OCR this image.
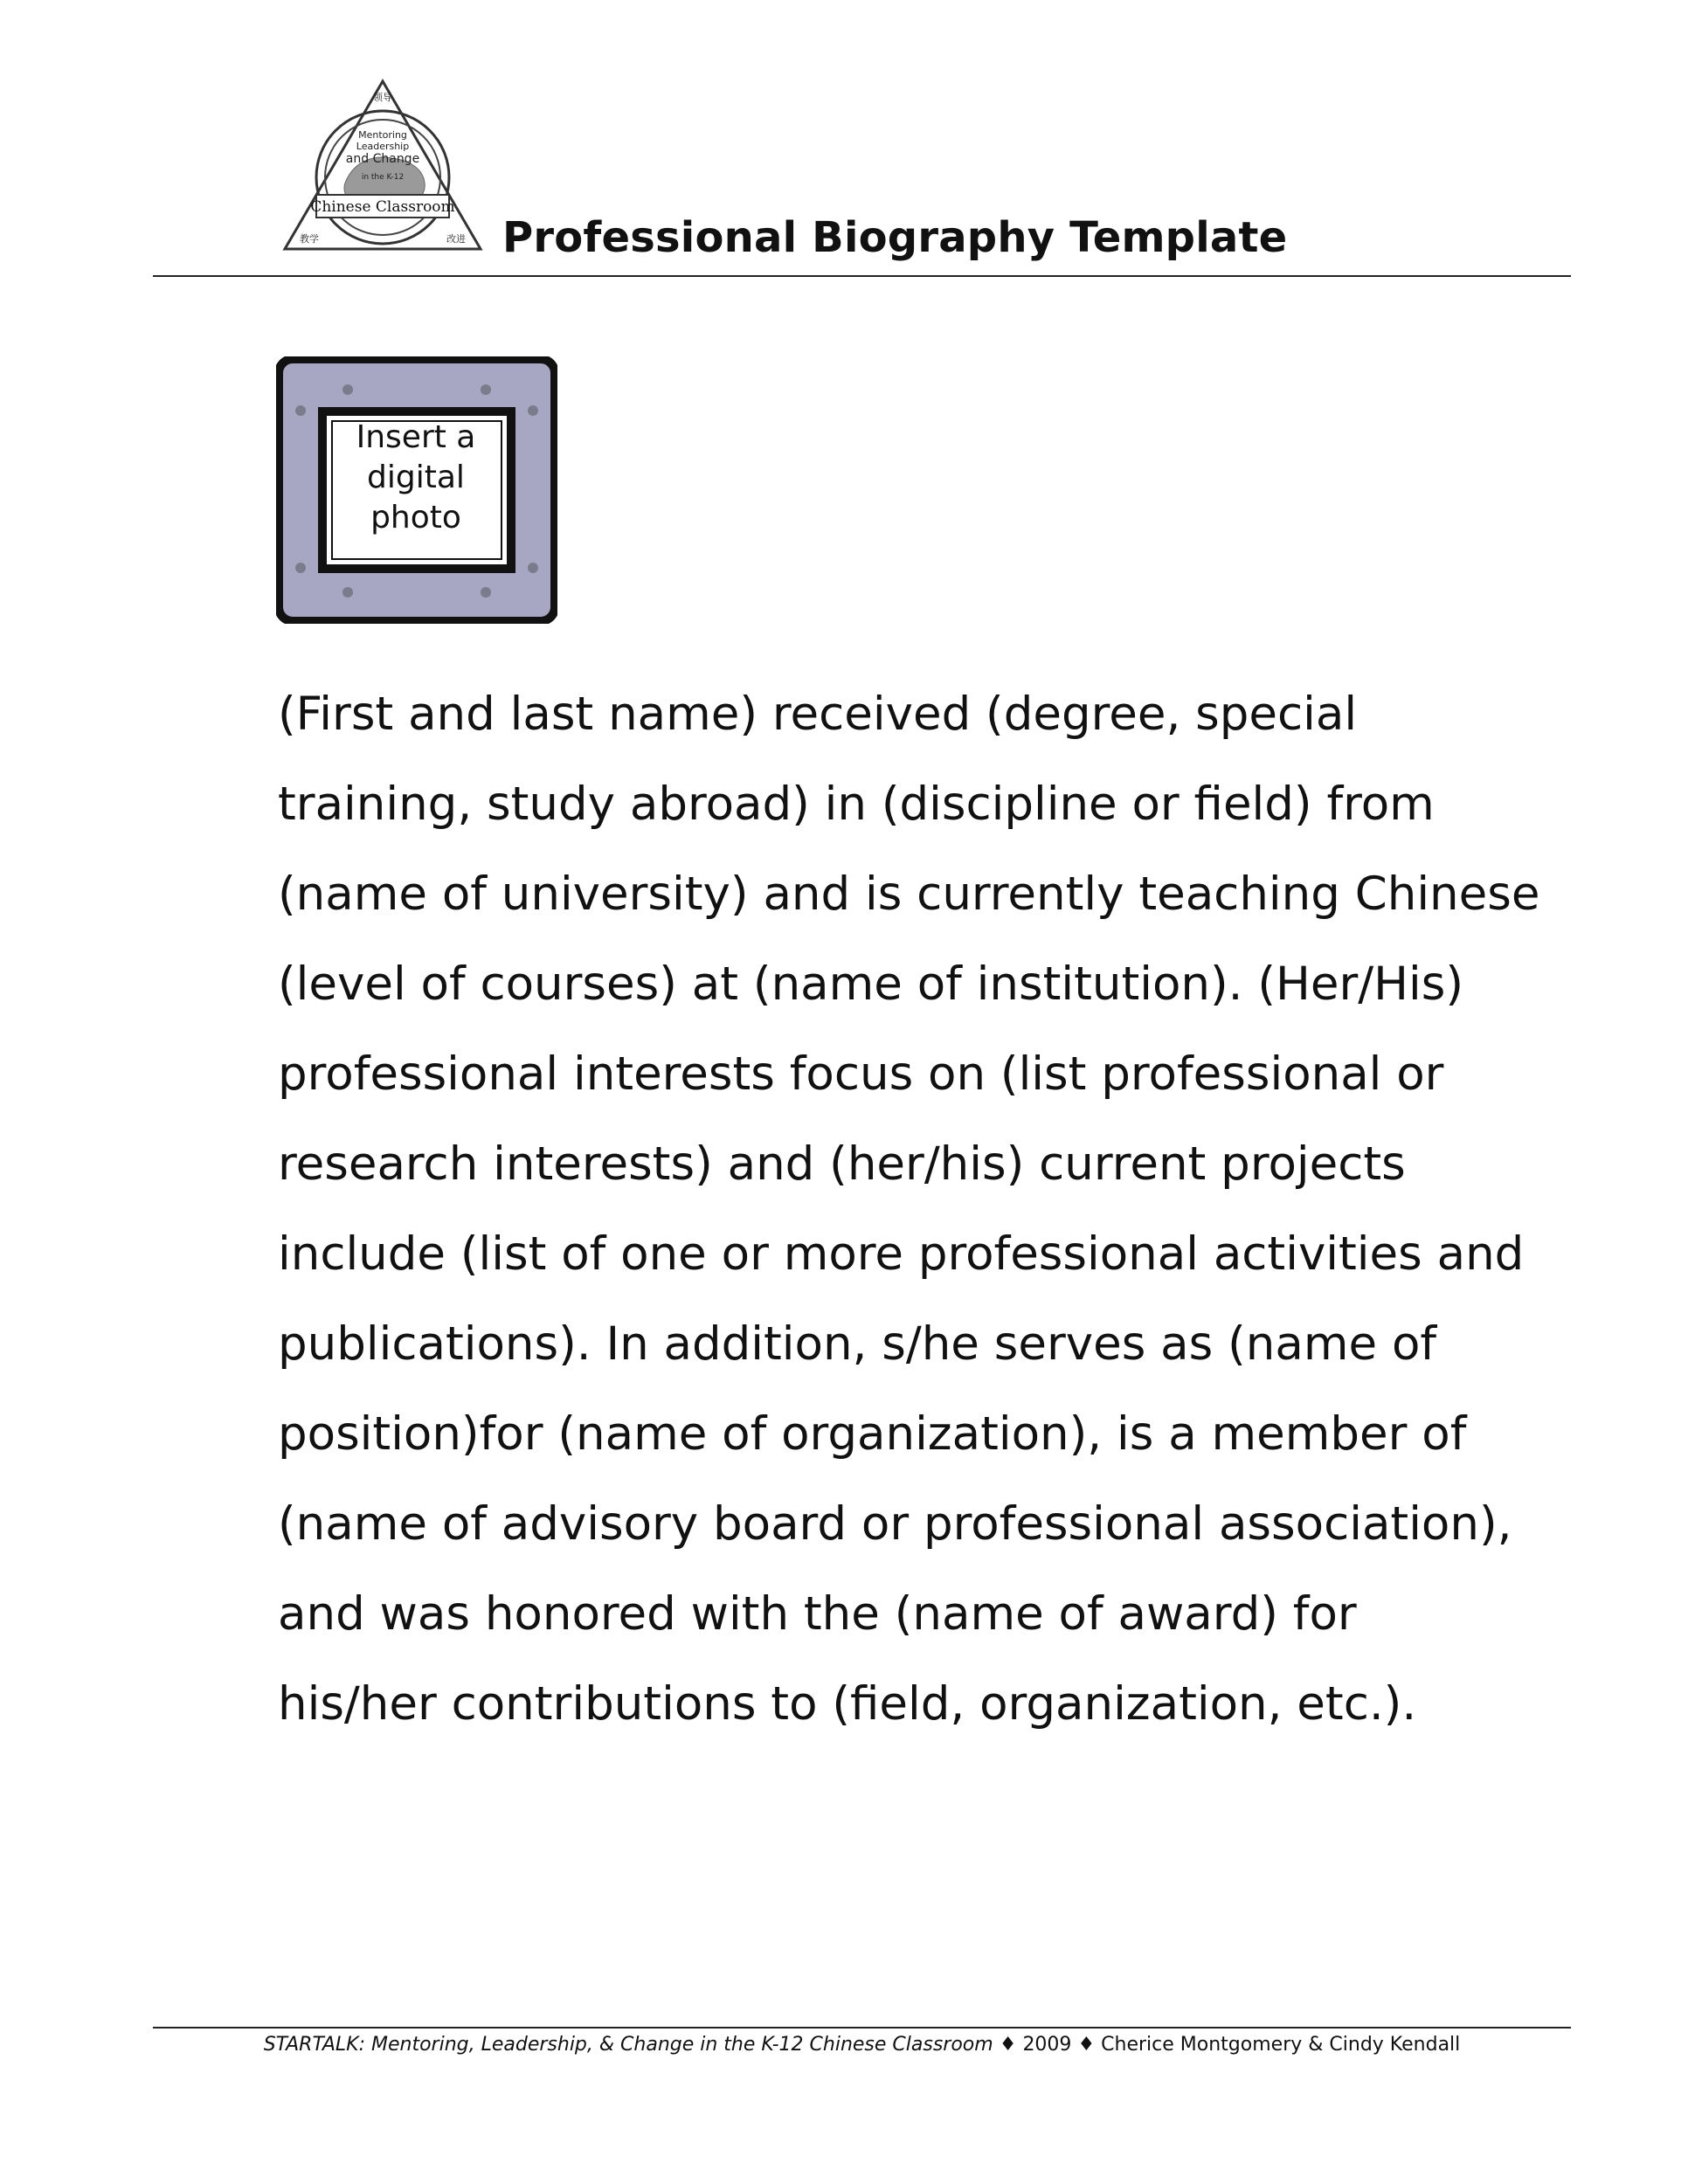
Mentoring
Leadership
and Change
in the K-12
Chinese Classroom
领导
教学	改进 Professional Biography Template
Insert a
digital
photo
(First and last name) received (degree, special
training, study abroad) in (discipline or field) from
(name of university) and is currently teaching Chinese
(level of courses) at (name of institution). (Her/His)
professional interests focus on (list professional or
research interests) and (her/his) current projects
include (list of one or more professional activities and
publications). In addition, s/he serves as (name of
position)for (name of organization), is a member of
(name of advisory board or professional association),
and was honored with the (name of award) for
his/her contributions to (field, organization, etc.).
STARTALK: Mentoring, Leadership, & Change in the K-12 Chinese Classroom ♦ 2009 ♦ Cherice Montgomery & Cindy Kendall
